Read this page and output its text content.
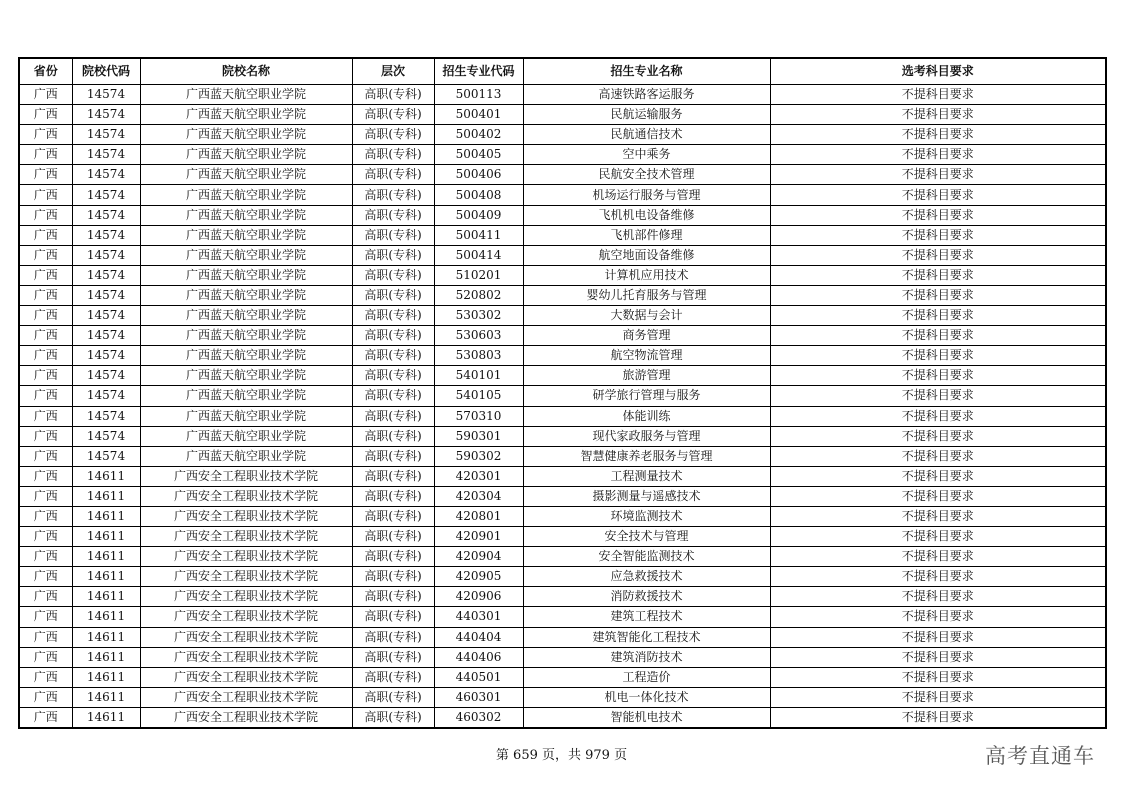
省份	院校代码	院校名称	层次	招生专业代码	招生专业名称	选考科目要求
广西	14574	广西蓝天航空职业学院	高职(专科)	500113	高速铁路客运服务	不提科目要求
广西	14574	广西蓝天航空职业学院	高职(专科)	500401	民航运输服务	不提科目要求
广西	14574	广西蓝天航空职业学院	高职(专科)	500402	民航通信技术	不提科目要求
广西	14574	广西蓝天航空职业学院	高职(专科)	500405	空中乘务	不提科目要求
广西	14574	广西蓝天航空职业学院	高职(专科)	500406	民航安全技术管理	不提科目要求
广西	14574	广西蓝天航空职业学院	高职(专科)	500408	机场运行服务与管理	不提科目要求
广西	14574	广西蓝天航空职业学院	高职(专科)	500409	飞机机电设备维修	不提科目要求
广西	14574	广西蓝天航空职业学院	高职(专科)	500411	飞机部件修理	不提科目要求
广西	14574	广西蓝天航空职业学院	高职(专科)	500414	航空地面设备维修	不提科目要求
广西	14574	广西蓝天航空职业学院	高职(专科)	510201	计算机应用技术	不提科目要求
广西	14574	广西蓝天航空职业学院	高职(专科)	520802	婴幼儿托育服务与管理	不提科目要求
广西	14574	广西蓝天航空职业学院	高职(专科)	530302	大数据与会计	不提科目要求
广西	14574	广西蓝天航空职业学院	高职(专科)	530603	商务管理	不提科目要求
广西	14574	广西蓝天航空职业学院	高职(专科)	530803	航空物流管理	不提科目要求
广西	14574	广西蓝天航空职业学院	高职(专科)	540101	旅游管理	不提科目要求
广西	14574	广西蓝天航空职业学院	高职(专科)	540105	研学旅行管理与服务	不提科目要求
广西	14574	广西蓝天航空职业学院	高职(专科)	570310	体能训练	不提科目要求
广西	14574	广西蓝天航空职业学院	高职(专科)	590301	现代家政服务与管理	不提科目要求
广西	14574	广西蓝天航空职业学院	高职(专科)	590302	智慧健康养老服务与管理	不提科目要求
广西	14611	广西安全工程职业技术学院	高职(专科)	420301	工程测量技术	不提科目要求
广西	14611	广西安全工程职业技术学院	高职(专科)	420304	摄影测量与遥感技术	不提科目要求
广西	14611	广西安全工程职业技术学院	高职(专科)	420801	环境监测技术	不提科目要求
广西	14611	广西安全工程职业技术学院	高职(专科)	420901	安全技术与管理	不提科目要求
广西	14611	广西安全工程职业技术学院	高职(专科)	420904	安全智能监测技术	不提科目要求
广西	14611	广西安全工程职业技术学院	高职(专科)	420905	应急救援技术	不提科目要求
广西	14611	广西安全工程职业技术学院	高职(专科)	420906	消防救援技术	不提科目要求
广西	14611	广西安全工程职业技术学院	高职(专科)	440301	建筑工程技术	不提科目要求
广西	14611	广西安全工程职业技术学院	高职(专科)	440404	建筑智能化工程技术	不提科目要求
广西	14611	广西安全工程职业技术学院	高职(专科)	440406	建筑消防技术	不提科目要求
广西	14611	广西安全工程职业技术学院	高职(专科)	440501	工程造价	不提科目要求
广西	14611	广西安全工程职业技术学院	高职(专科)	460301	机电一体化技术	不提科目要求
广西	14611	广西安全工程职业技术学院	高职(专科)	460302	智能机电技术	不提科目要求
第 659 页，共 979 页	高考直通车
